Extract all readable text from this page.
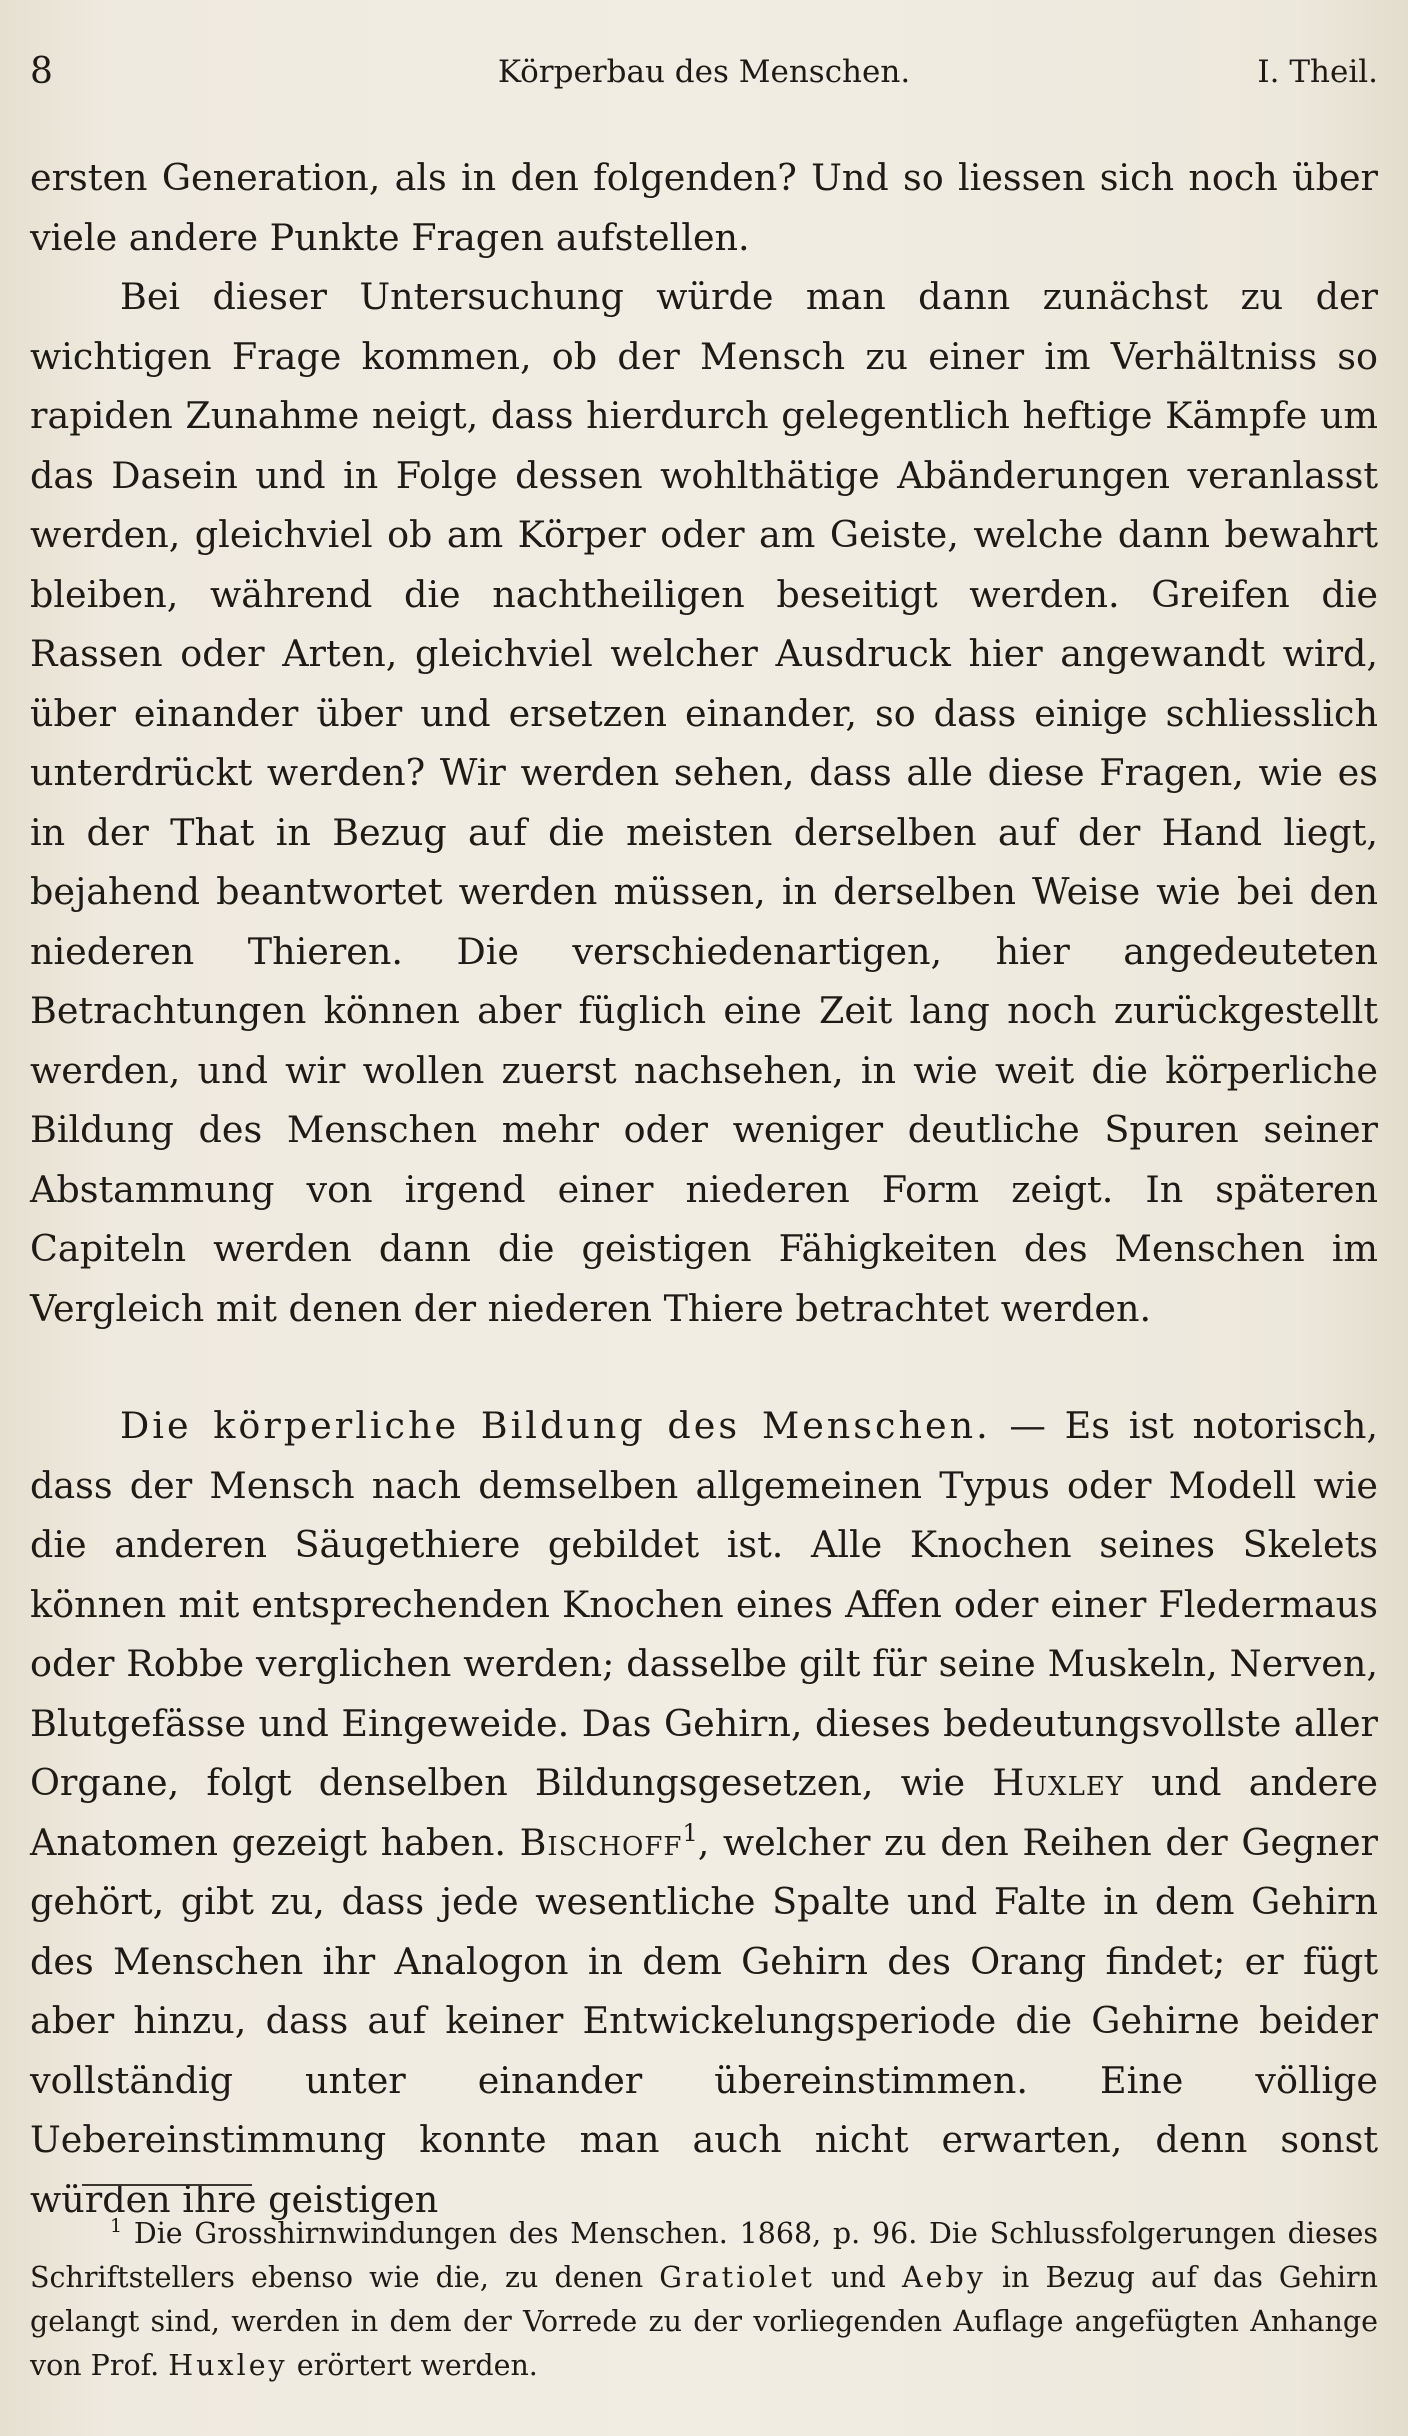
8	Körperbau des Menschen.	I. Theil.

ersten Generation, als in den folgenden? Und so liessen sich noch über viele andere Punkte Fragen aufstellen.

Bei dieser Untersuchung würde man dann zunächst zu der wichtigen Frage kommen, ob der Mensch zu einer im Verhältniss so rapiden Zunahme neigt, dass hierdurch gelegentlich heftige Kämpfe um das Dasein und in Folge dessen wohlthätige Abänderungen veranlasst werden, gleichviel ob am Körper oder am Geiste, welche dann bewahrt bleiben, während die nachtheiligen beseitigt werden. Greifen die Rassen oder Arten, gleichviel welcher Ausdruck hier angewandt wird, über einander über und ersetzen einander, so dass einige schliesslich unterdrückt werden? Wir werden sehen, dass alle diese Fragen, wie es in der That in Bezug auf die meisten derselben auf der Hand liegt, bejahend beantwortet werden müssen, in derselben Weise wie bei den niederen Thieren. Die verschiedenartigen, hier angedeuteten Betrachtungen können aber füglich eine Zeit lang noch zurückgestellt werden, und wir wollen zuerst nachsehen, in wie weit die körperliche Bildung des Menschen mehr oder weniger deutliche Spuren seiner Abstammung von irgend einer niederen Form zeigt. In späteren Capiteln werden dann die geistigen Fähigkeiten des Menschen im Vergleich mit denen der niederen Thiere betrachtet werden.

Die körperliche Bildung des Menschen. — Es ist notorisch, dass der Mensch nach demselben allgemeinen Typus oder Modell wie die anderen Säugethiere gebildet ist. Alle Knochen seines Skelets können mit entsprechenden Knochen eines Affen oder einer Fledermaus oder Robbe verglichen werden; dasselbe gilt für seine Muskeln, Nerven, Blutgefässe und Eingeweide. Das Gehirn, dieses bedeutungsvollste aller Organe, folgt denselben Bildungsgesetzen, wie Huxley und andere Anatomen gezeigt haben. Bischoff$^1$, welcher zu den Reihen der Gegner gehört, gibt zu, dass jede wesentliche Spalte und Falte in dem Gehirn des Menschen ihr Analogon in dem Gehirn des Orang findet; er fügt aber hinzu, dass auf keiner Entwickelungsperiode die Gehirne beider vollständig unter einander übereinstimmen. Eine völlige Uebereinstimmung konnte man auch nicht erwarten, denn sonst würden ihre geistigen

$^1$ Die Grosshirnwindungen des Menschen. 1868, p. 96. Die Schlussfolgerungen dieses Schriftstellers ebenso wie die, zu denen Gratiolet und Aeby in Bezug auf das Gehirn gelangt sind, werden in dem der Vorrede zu der vorliegenden Auflage angefügten Anhange von Prof. Huxley erörtert werden.
